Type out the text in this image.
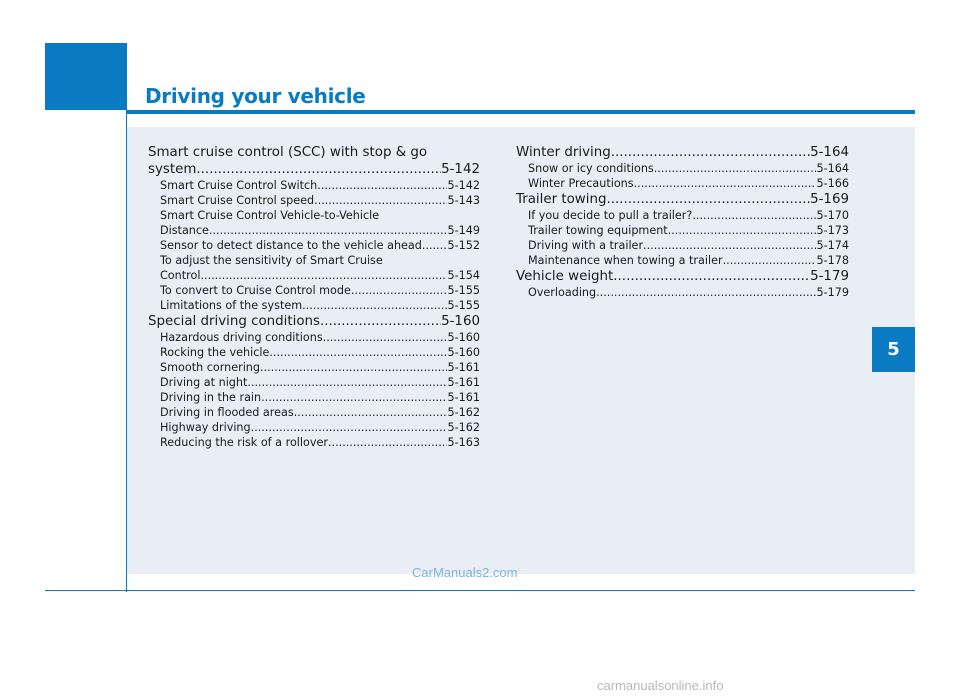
Driving your vehicle
5
Smart cruise control (SCC) with stop & go
system .....	5-142
Smart Cruise Control Switch .....	5-142
Smart Cruise Control speed .....	5-143
Smart Cruise Control Vehicle-to-Vehicle
Distance .....	5-149
Sensor to detect distance to the vehicle ahead ..... 5-152
To adjust the sensitivity of Smart Cruise
Control .....	5-154
To convert to Cruise Control mode .....	5-155
Limitations of the system .....	5-155
Special driving conditions .....	5-160
Hazardous driving conditions .....	5-160
Rocking the vehicle .....	5-160
Smooth cornering .....	5-161
Driving at night .....	5-161
Driving in the rain .....	5-161
Driving in flooded areas .....	5-162
Highway driving .....	5-162
Reducing the risk of a rollover .....	5-163
Winter driving .....	5-164
Snow or icy conditions .....	5-164
Winter Precautions .....	5-166
Trailer towing .....	5-169
If you decide to pull a trailer? .....	5-170
Trailer towing equipment .....	5-173
Driving with a trailer .....	5-174
Maintenance when towing a trailer .....	5-178
Vehicle weight .....	5-179
Overloading .....	5-179
CarManuals2.com
carmanualsonline.info
